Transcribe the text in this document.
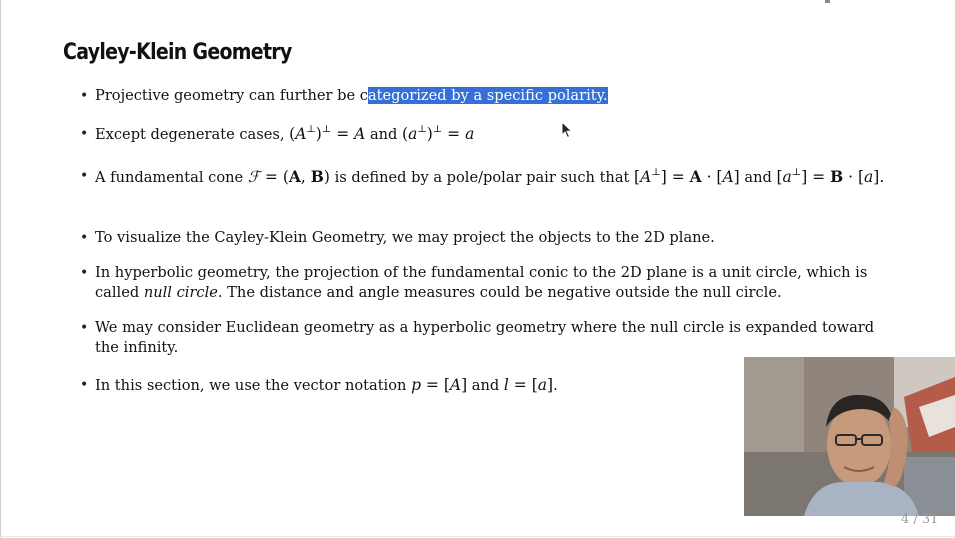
Cayley-Klein Geometry
• Projective geometry can further be categorized by a specific polarity.
• Except degenerate cases, (A⊥)⊥ = A and (a⊥)⊥ = a
• A fundamental cone ℱ = (A, B) is defined by a pole/polar pair such that [A⊥] = A · [A] and [a⊥] = B · [a].
• To visualize the Cayley-Klein Geometry, we may project the objects to the 2D plane.
• In hyperbolic geometry, the projection of the fundamental conic to the 2D plane is a unit circle, which is called null circle. The distance and angle measures could be negative outside the null circle.
• We may consider Euclidean geometry as a hyperbolic geometry where the null circle is expanded toward the infinity.
• In this section, we use the vector notation p = [A] and l = [a].
4 / 31
